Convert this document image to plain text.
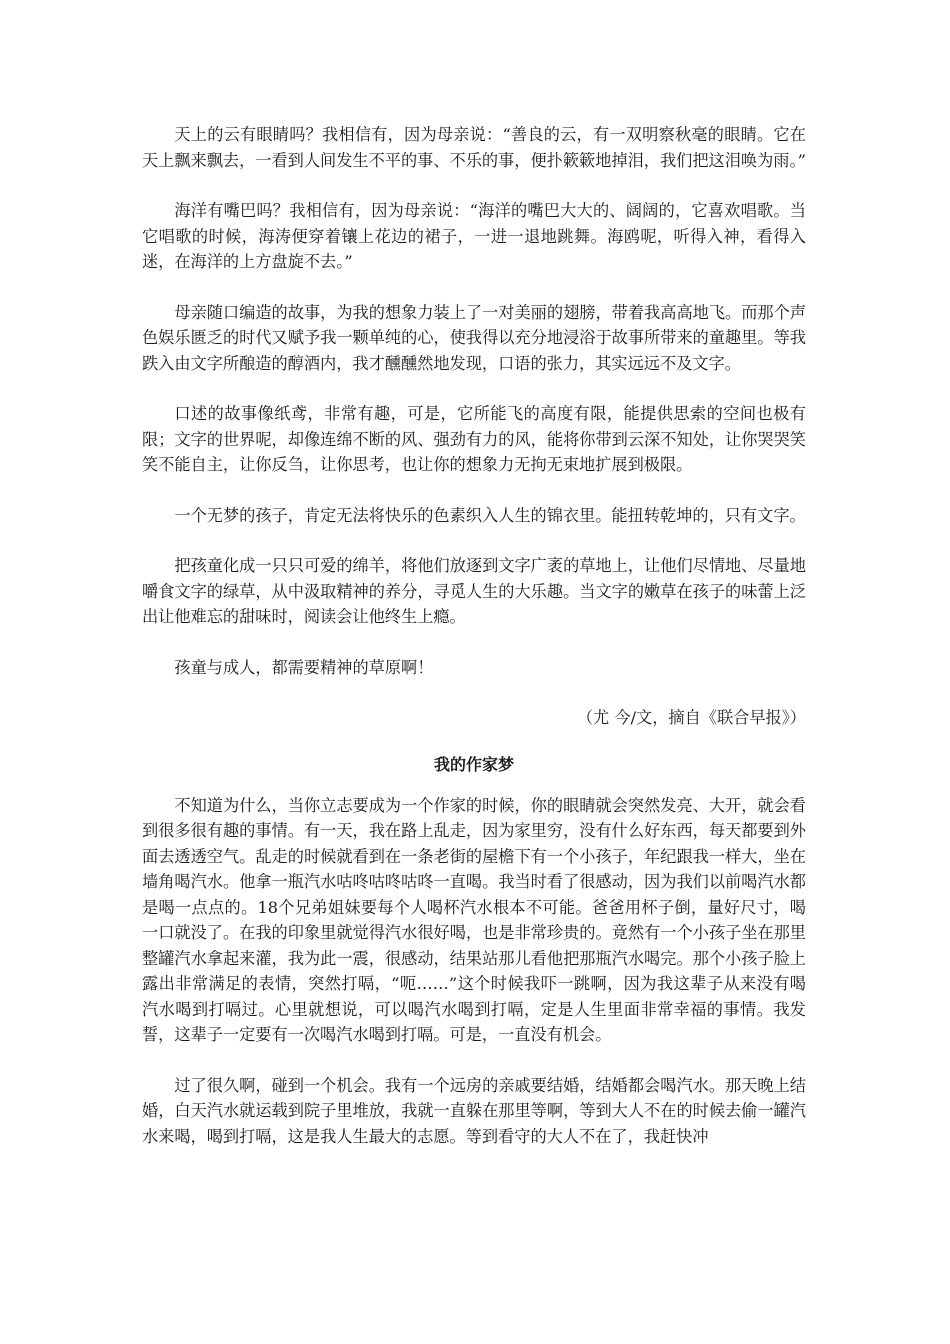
天上的云有眼睛吗？我相信有，因为母亲说：“善良的云，有一双明察秋毫的眼睛。它在天上飘来飘去，一看到人间发生不平的事、不乐的事，便扑簌簌地掉泪，我们把这泪唤为雨。”

海洋有嘴巴吗？我相信有，因为母亲说：“海洋的嘴巴大大的、阔阔的，它喜欢唱歌。当它唱歌的时候，海涛便穿着镶上花边的裙子，一进一退地跳舞。海鸥呢，听得入神，看得入迷，在海洋的上方盘旋不去。”

母亲随口编造的故事，为我的想象力装上了一对美丽的翅膀，带着我高高地飞。而那个声色娱乐匮乏的时代又赋予我一颗单纯的心，使我得以充分地浸浴于故事所带来的童趣里。等我跌入由文字所酿造的醇酒内，我才醺醺然地发现，口语的张力，其实远远不及文字。

口述的故事像纸鸢，非常有趣，可是，它所能飞的高度有限，能提供思索的空间也极有限；文字的世界呢，却像连绵不断的风、强劲有力的风，能将你带到云深不知处，让你哭哭笑笑不能自主，让你反刍，让你思考，也让你的想象力无拘无束地扩展到极限。

一个无梦的孩子，肯定无法将快乐的色素织入人生的锦衣里。能扭转乾坤的，只有文字。

把孩童化成一只只可爱的绵羊，将他们放逐到文字广袤的草地上，让他们尽情地、尽量地嚼食文字的绿草，从中汲取精神的养分，寻觅人生的大乐趣。当文字的嫩草在孩子的味蕾上泛出让他难忘的甜味时，阅读会让他终生上瘾。

孩童与成人，都需要精神的草原啊！

（尤 今/文，摘自《联合早报》）

我的作家梦

不知道为什么，当你立志要成为一个作家的时候，你的眼睛就会突然发亮、大开，就会看到很多很有趣的事情。有一天，我在路上乱走，因为家里穷，没有什么好东西，每天都要到外面去透透空气。乱走的时候就看到在一条老街的屋檐下有一个小孩子，年纪跟我一样大，坐在墙角喝汽水。他拿一瓶汽水咕咚咕咚咕咚一直喝。我当时看了很感动，因为我们以前喝汽水都是喝一点点的。18个兄弟姐妹要每个人喝杯汽水根本不可能。爸爸用杯子倒，量好尺寸，喝一口就没了。在我的印象里就觉得汽水很好喝，也是非常珍贵的。竟然有一个小孩子坐在那里整罐汽水拿起来灌，我为此一震，很感动，结果站那儿看他把那瓶汽水喝完。那个小孩子脸上露出非常满足的表情，突然打嗝，“呃……”这个时候我吓一跳啊，因为我这辈子从来没有喝汽水喝到打嗝过。心里就想说，可以喝汽水喝到打嗝，定是人生里面非常幸福的事情。我发誓，这辈子一定要有一次喝汽水喝到打嗝。可是，一直没有机会。

过了很久啊，碰到一个机会。我有一个远房的亲戚要结婚，结婚都会喝汽水。那天晚上结婚，白天汽水就运载到院子里堆放，我就一直躲在那里等啊，等到大人不在的时候去偷一罐汽水来喝，喝到打嗝，这是我人生最大的志愿。等到看守的大人不在了，我赶快冲
